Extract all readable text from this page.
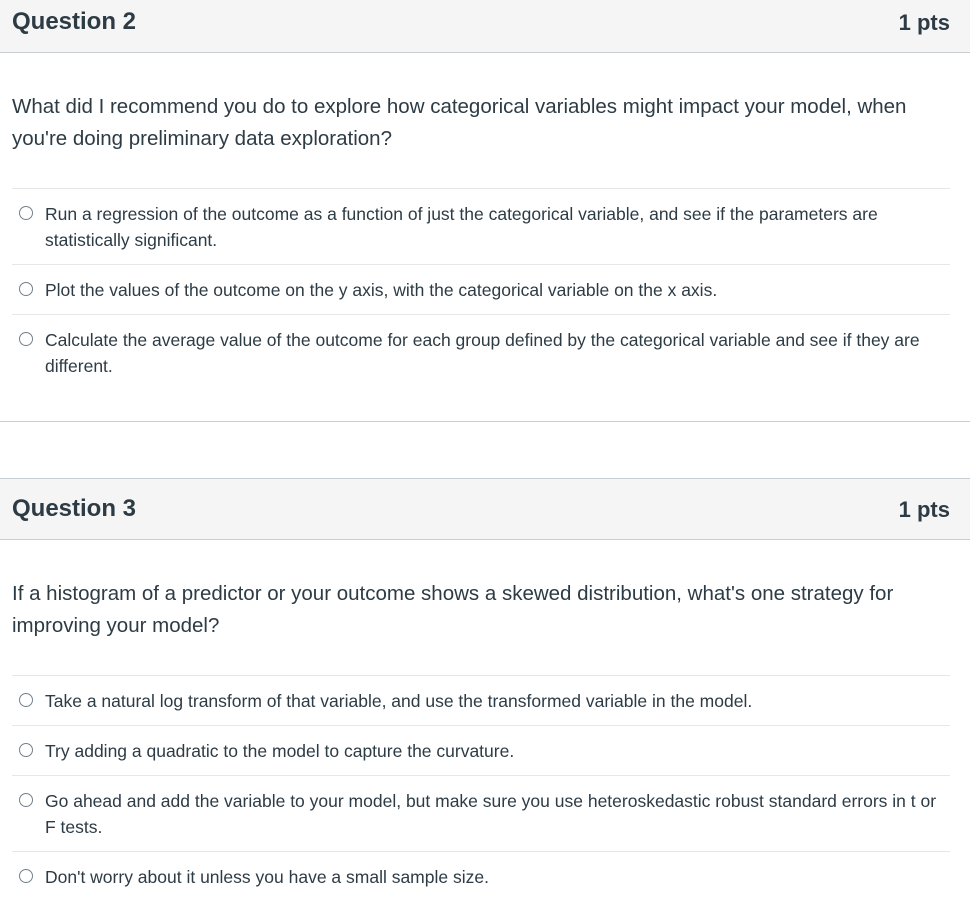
Question 2	1 pts
What did I recommend you do to explore how categorical variables might impact your model, when you're doing preliminary data exploration?
Run a regression of the outcome as a function of just the categorical variable, and see if the parameters are statistically significant.
Plot the values of the outcome on the y axis, with the categorical variable on the x axis.
Calculate the average value of the outcome for each group defined by the categorical variable and see if they are different.
Question 3	1 pts
If a histogram of a predictor or your outcome shows a skewed distribution, what's one strategy for improving your model?
Take a natural log transform of that variable, and use the transformed variable in the model.
Try adding a quadratic to the model to capture the curvature.
Go ahead and add the variable to your model, but make sure you use heteroskedastic robust standard errors in t or F tests.
Don't worry about it unless you have a small sample size.
